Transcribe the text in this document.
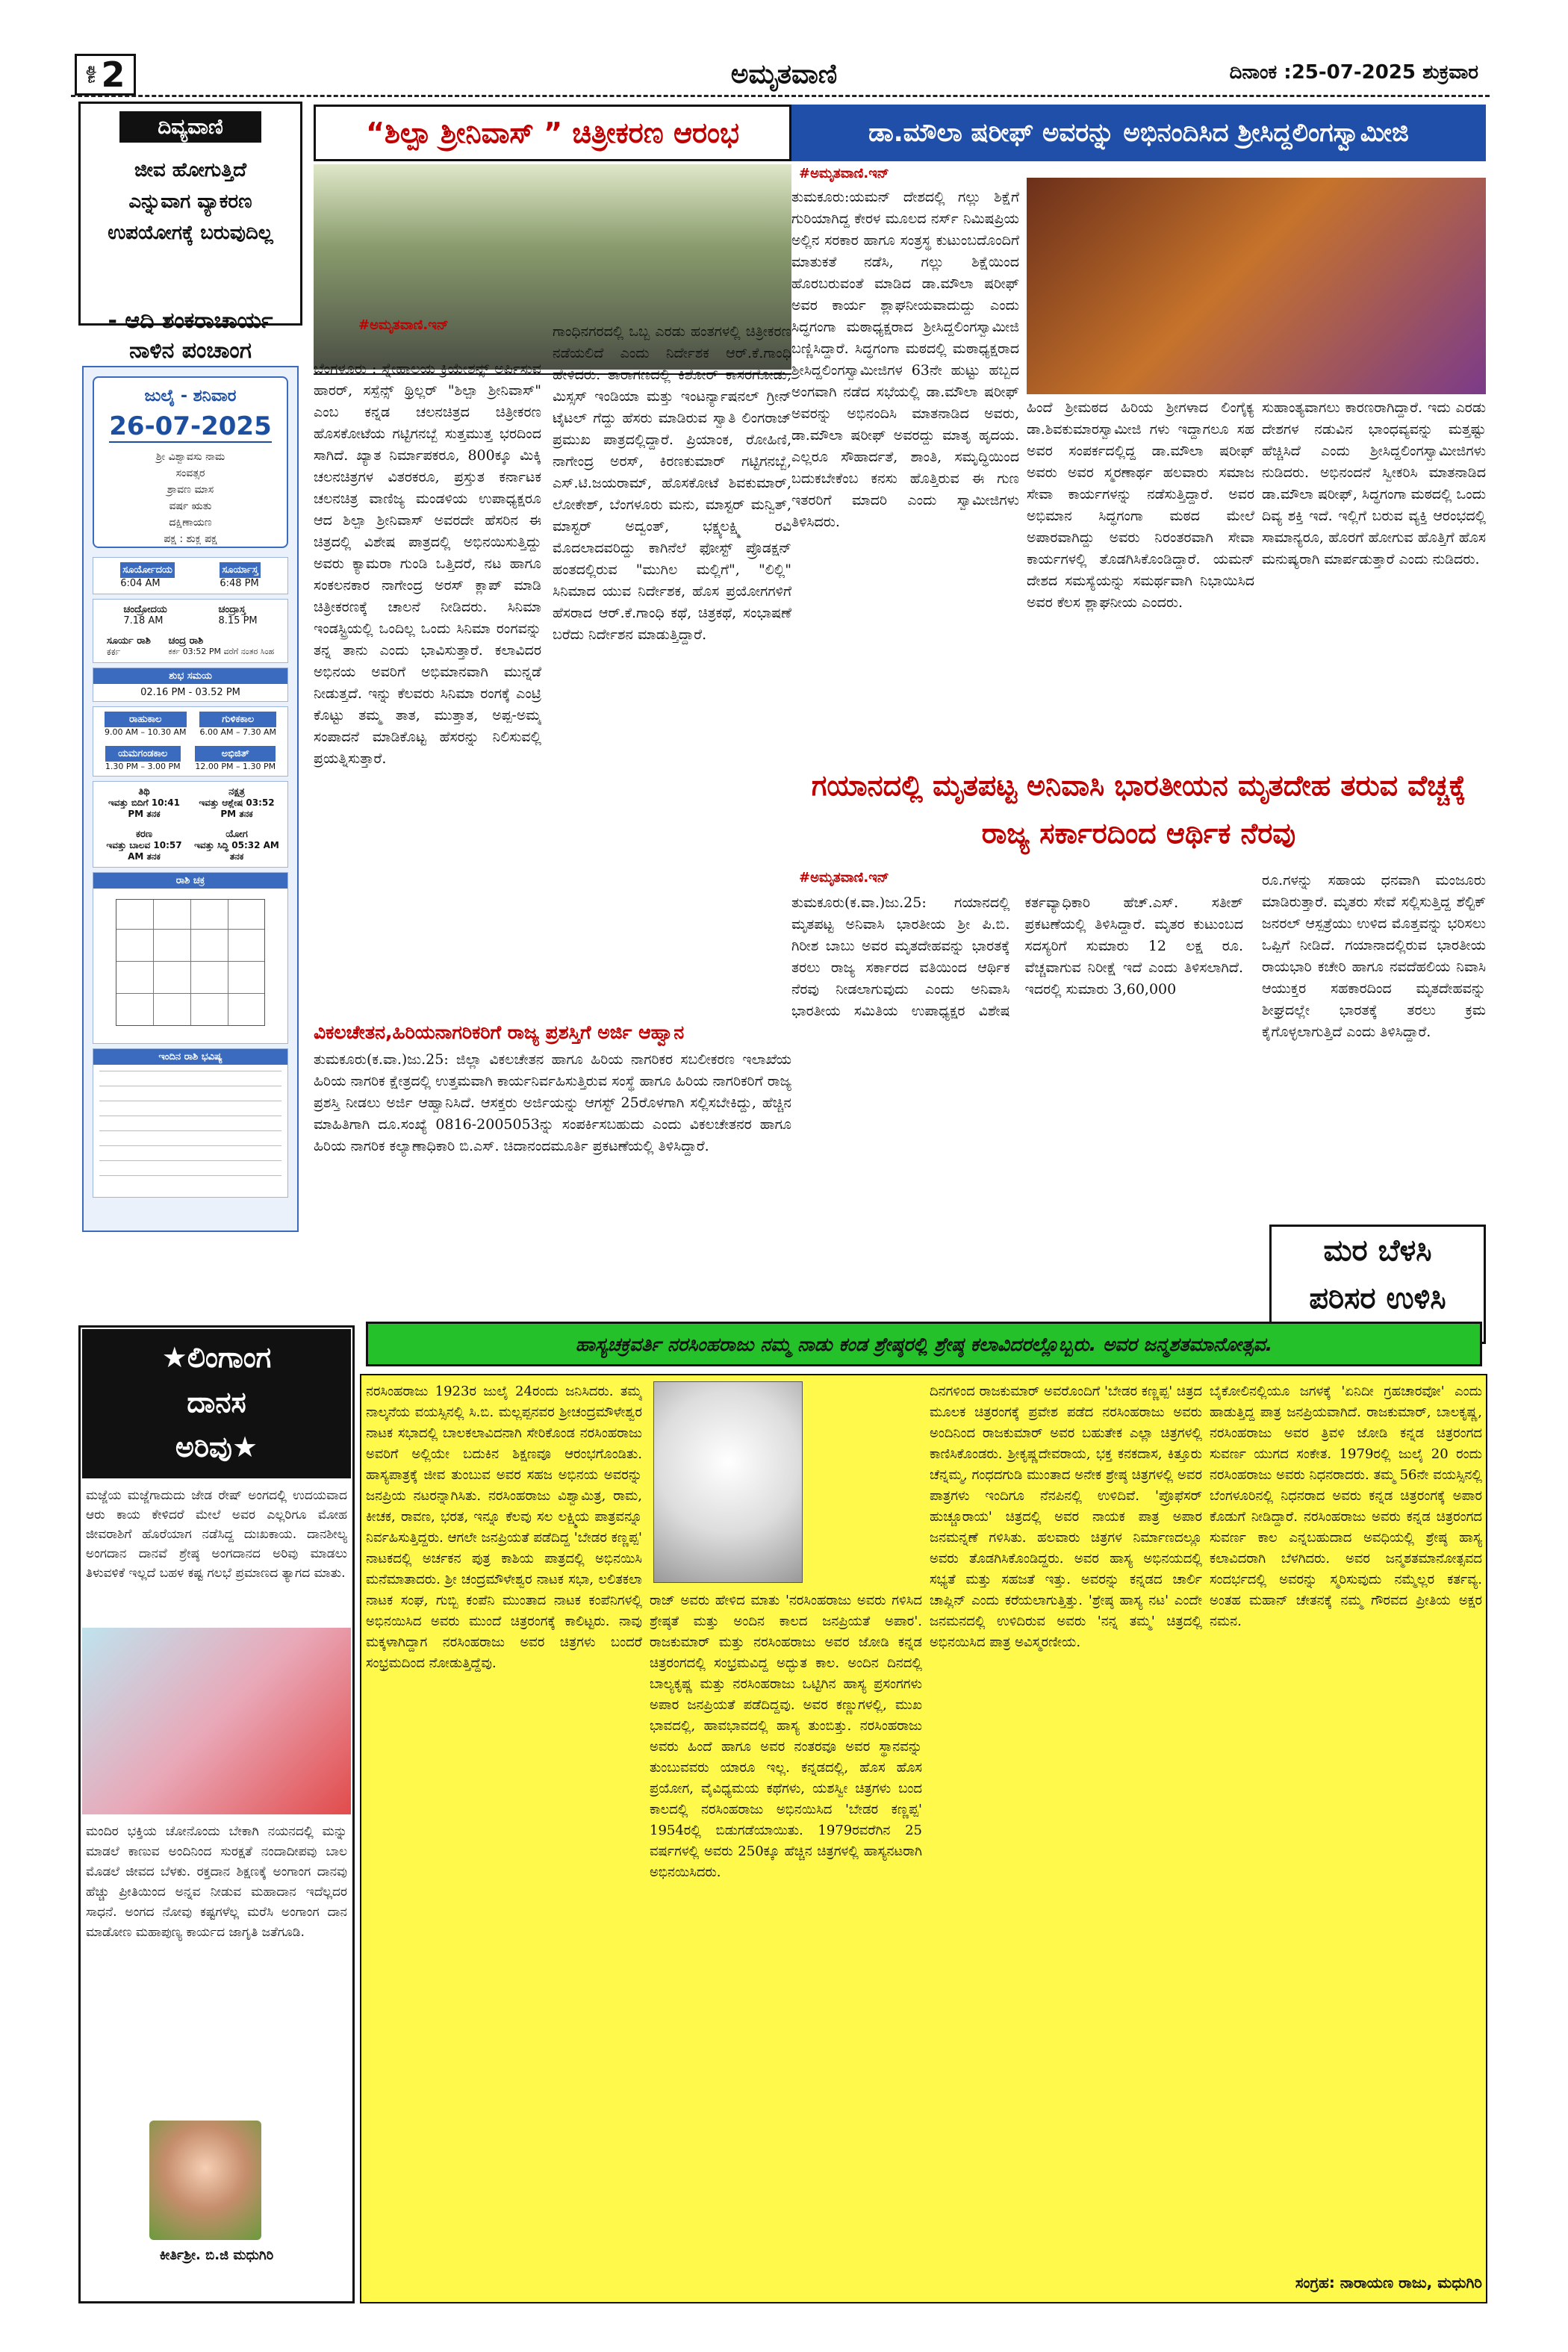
ಪುಟ 2	ಅಮೃತವಾಣಿ	ದಿನಾಂಕ :25-07-2025 ಶುಕ್ರವಾರ
ದಿವ್ಯವಾಣಿ
ಜೀವ ಹೋಗುತ್ತಿದೆ
ಎನ್ನುವಾಗ ವ್ಯಾಕರಣ
ಉಪಯೋಗಕ್ಕೆ ಬರುವುದಿಲ್ಲ
- ಆದಿ ಶಂಕರಾಚಾರ್ಯ
ನಾಳಿನ ಪಂಚಾಂಗ
ಜುಲೈ - ಶನಿವಾರ
26-07-2025
ಶ್ರೀ ವಿಶ್ವಾವಸು ನಾಮ
ಸಂವತ್ಸರ
ಶ್ರಾವಣ ಮಾಸ
ವರ್ಷ ಋತು
ದಕ್ಷಿಣಾಯಣ
ಪಕ್ಷ : ಶುಕ್ಲ ಪಕ್ಷ
ಸೂರ್ಯೋದಯ
6:04 AM
ಸೂರ್ಯಾಸ್ತ
6:48 PM
ಚಂದ್ರೋದಯ
7.18 AM
ಚಂದ್ರಾಸ್ತ
8.15 PM
ಸೂರ್ಯ ರಾಶಿ
ಕರ್ಕ
ಚಂದ್ರ ರಾಶಿ
ಕರ್ಕ 03:52 PM ವರೆಗೆ ನಂತರ ಸಿಂಹ
ಶುಭ ಸಮಯ
02.16 PM - 03.52 PM
ರಾಹುಕಾಲ
9.00 AM – 10.30 AM
ಗುಳಿಕಕಾಲ
6.00 AM – 7.30 AM
ಯಮಗಂಡಕಾಲ
1.30 PM – 3.00 PM
ಅಭಿಜಿತ್
12.00 PM – 1.30 PM
ತಿಥಿ
ಇವತ್ತು ಬಿದಿಗೆ 10:41 PM ತನಕ
ನಕ್ಷತ್ರ
ಇವತ್ತು ಆಶ್ಲೇಷ 03:52 PM ತನಕ
ಕರಣ
ಇವತ್ತು ಬಾಲವ 10:57 AM ತನಕ
ಯೋಗ
ಇವತ್ತು ಸಿದ್ಧಿ 05:32 AM ತನಕ
ರಾಶಿ ಚಕ್ರ
ಇಂದಿನ ರಾಶಿ ಭವಿಷ್ಯ
“ಶಿಲ್ಪಾ ಶ್ರೀನಿವಾಸ್ ” ಚಿತ್ರೀಕರಣ ಆರಂಭ
#ಅಮೃತವಾಣಿ.ಇನ್
ಬೆಂಗಳೂರು : ಸ್ನೇಹಾಲಯ ಕ್ರಿಯೇಶನ್ಸ್ ಅರ್ಪಿಸುವ ಹಾರರ್, ಸಸ್ಪೆನ್ಸ್ ಥ್ರಿಲ್ಲರ್ "ಶಿಲ್ಪಾ ಶ್ರೀನಿವಾಸ್" ಎಂಬ ಕನ್ನಡ ಚಲನಚಿತ್ರದ ಚಿತ್ರೀಕರಣ ಹೊಸಕೋಟೆಯ ಗಟ್ಟಿಗನಬ್ಬೆ ಸುತ್ತಮುತ್ತ ಭರದಿಂದ ಸಾಗಿದೆ. ಖ್ಯಾತ ನಿರ್ಮಾಪಕರೂ, 800ಕ್ಕೂ ಮಿಕ್ಕಿ ಚಲನಚಿತ್ರಗಳ ವಿತರಕರೂ, ಪ್ರಸ್ತುತ ಕರ್ನಾಟಕ ಚಲನಚಿತ್ರ ವಾಣಿಜ್ಯ ಮಂಡಳಿಯ ಉಪಾಧ್ಯಕ್ಷರೂ ಆದ ಶಿಲ್ಪಾ ಶ್ರೀನಿವಾಸ್ ಅವರದೇ ಹೆಸರಿನ ಈ ಚಿತ್ರದಲ್ಲಿ ವಿಶೇಷ ಪಾತ್ರದಲ್ಲಿ ಅಭಿನಯಿಸುತ್ತಿದ್ದು ಅವರು ಕ್ಯಾಮರಾ ಗುಂಡಿ ಒತ್ತಿದರೆ, ನಟ ಹಾಗೂ ಸಂಕಲನಕಾರ ನಾಗೇಂದ್ರ ಅರಸ್ ಕ್ಲಾಪ್ ಮಾಡಿ ಚಿತ್ರೀಕರಣಕ್ಕೆ ಚಾಲನೆ ನೀಡಿದರು. ಸಿನಿಮಾ ಇಂಡಸ್ಟ್ರಿಯಲ್ಲಿ ಒಂದಿಲ್ಲ ಒಂದು ಸಿನಿಮಾ ರಂಗವನ್ನು ತನ್ನ ತಾನು ಎಂದು ಭಾವಿಸುತ್ತಾರೆ. ಕಲಾವಿದರ ಅಭಿನಯ ಅವರಿಗೆ ಅಭಿಮಾನವಾಗಿ ಮುನ್ನಡೆ ನೀಡುತ್ತದೆ. ಇನ್ನು ಕೆಲವರು ಸಿನಿಮಾ ರಂಗಕ್ಕೆ ಎಂಟ್ರಿ ಕೊಟ್ಟು ತಮ್ಮ ತಾತ, ಮುತ್ತಾತ, ಅಪ್ಪ-ಅಮ್ಮ ಸಂಪಾದನೆ ಮಾಡಿಕೊಟ್ಟ ಹೆಸರನ್ನು ನಿಲಿಸುವಲ್ಲಿ ಪ್ರಯತ್ನಿಸುತ್ತಾರೆ.
ಗಾಂಧಿನಗರದಲ್ಲಿ ಒಬ್ಬ ಎರಡು ಹಂತಗಳಲ್ಲಿ ಚಿತ್ರೀಕರಣ ನಡೆಯಲಿದೆ ಎಂದು ನಿರ್ದೇಶಕ ಆರ್.ಕೆ.ಗಾಂಧಿ ಹೇಳಿದರು. ತಾರಾಗಣದಲ್ಲಿ ಕಿಶೋರ್ ಕಾಸರಗೋಡು, ಮಿಸ್ಸಸ್ ಇಂಡಿಯಾ ಮತ್ತು ಇಂಟರ್ನ್ಯಾಷನಲ್ ಗ್ರೀನ್ ಟೈಟಲ್ ಗೆದ್ದು ಹೆಸರು ಮಾಡಿರುವ ಸ್ವಾತಿ ಲಿಂಗರಾಜ್ ಪ್ರಮುಖ ಪಾತ್ರದಲ್ಲಿದ್ದಾರೆ. ಪ್ರಿಯಾಂಕ, ರೋಹಿಣಿ, ನಾಗೇಂದ್ರ ಅರಸ್, ಕಿರಣಕುಮಾರ್ ಗಟ್ಟಿಗನಬ್ಬೆ, ಎಸ್.ಟಿ.ಜಯರಾಮ್, ಹೊಸಕೋಟೆ ಶಿವಕುಮಾರ್, ಲೋಕೇಶ್, ಬೆಂಗಳೂರು ಮನು, ಮಾಸ್ಟರ್ ಮನ್ವಿತ್, ಮಾಸ್ಟರ್ ಅದ್ವಂತ್, ಭಕ್ಷ್ಯಲಕ್ಷ್ಮಿ ರವಿ ಮೊದಲಾದವರಿದ್ದು ಕಾಗಿನೆಲೆ ಫೋಸ್ಟ್ ಪ್ರೊಡಕ್ಷನ್ ಹಂತದಲ್ಲಿರುವ "ಮುಗಿಲ ಮಲ್ಲಿಗೆ", "ಲಿಲ್ಲಿ" ಸಿನಿಮಾದ ಯುವ ನಿರ್ದೇಶಕ, ಹೊಸ ಪ್ರಯೋಗಗಳಿಗೆ ಹೆಸರಾದ ಆರ್.ಕೆ.ಗಾಂಧಿ ಕಥೆ, ಚಿತ್ರಕಥೆ, ಸಂಭಾಷಣೆ ಬರೆದು ನಿರ್ದೇಶನ ಮಾಡುತ್ತಿದ್ದಾರೆ.
ವಿಕಲಚೇತನ,ಹಿರಿಯನಾಗರಿಕರಿಗೆ ರಾಜ್ಯ ಪ್ರಶಸ್ತಿಗೆ ಅರ್ಜಿ ಆಹ್ವಾನ
ತುಮಕೂರು(ಕ.ವಾ.)ಜು.25: ಜಿಲ್ಲಾ ವಿಕಲಚೇತನ ಹಾಗೂ ಹಿರಿಯ ನಾಗರಿಕರ ಸಬಲೀಕರಣ ಇಲಾಖೆಯ ಹಿರಿಯ ನಾಗರಿಕ ಕ್ಷೇತ್ರದಲ್ಲಿ ಉತ್ತಮವಾಗಿ ಕಾರ್ಯನಿರ್ವಹಿಸುತ್ತಿರುವ ಸಂಸ್ಥೆ ಹಾಗೂ ಹಿರಿಯ ನಾಗರಿಕರಿಗೆ ರಾಜ್ಯ ಪ್ರಶಸ್ತಿ ನೀಡಲು ಅರ್ಜಿ ಆಹ್ವಾನಿಸಿದೆ. ಆಸಕ್ತರು ಅರ್ಜಿಯನ್ನು ಆಗಸ್ಟ್ 25ರೊಳಗಾಗಿ ಸಲ್ಲಿಸಬೇಕಿದ್ದು, ಹೆಚ್ಚಿನ ಮಾಹಿತಿಗಾಗಿ ದೂ.ಸಂಖ್ಯೆ 0816-2005053ನ್ನು ಸಂಪರ್ಕಿಸಬಹುದು ಎಂದು ವಿಕಲಚೇತನರ ಹಾಗೂ ಹಿರಿಯ ನಾಗರಿಕ ಕಲ್ಯಾಣಾಧಿಕಾರಿ ಬಿ.ಎಸ್. ಚಿದಾನಂದಮೂರ್ತಿ ಪ್ರಕಟಣೆಯಲ್ಲಿ ತಿಳಿಸಿದ್ದಾರೆ.
ಡಾ.ಮೌಲಾ ಷರೀಫ್ ಅವರನ್ನು ಅಭಿನಂದಿಸಿದ ಶ್ರೀಸಿದ್ದಲಿಂಗಸ್ವಾಮೀಜಿ
#ಅಮೃತವಾಣಿ.ಇನ್
ತುಮಕೂರು:ಯಮನ್ ದೇಶದಲ್ಲಿ ಗಲ್ಲು ಶಿಕ್ಷೆಗೆ ಗುರಿಯಾಗಿದ್ದ ಕೇರಳ ಮೂಲದ ನರ್ಸ್ ನಿಮಿಷಪ್ರಿಯ ಅಲ್ಲಿನ ಸರಕಾರ ಹಾಗೂ ಸಂತ್ರಸ್ಥ ಕುಟುಂಬದೊಂದಿಗೆ ಮಾತುಕತೆ ನಡೆಸಿ, ಗಲ್ಲು ಶಿಕ್ಷೆಯಿಂದ ಹೊರಬರುವಂತೆ ಮಾಡಿದ ಡಾ.ಮೌಲಾ ಷರೀಫ್ ಅವರ ಕಾರ್ಯ ಶ್ಲಾಘನೀಯವಾದುದ್ದು ಎಂದು ಸಿದ್ಧಗಂಗಾ ಮಠಾಧ್ಯಕ್ಷರಾದ ಶ್ರೀಸಿದ್ದಲಿಂಗಸ್ವಾಮೀಜಿ ಬಣ್ಣಿಸಿದ್ದಾರೆ. ಸಿದ್ಧಗಂಗಾ ಮಠದಲ್ಲಿ ಮಠಾಧ್ಯಕ್ಷರಾದ ಶ್ರೀಸಿದ್ದಲಿಂಗಸ್ವಾಮೀಜಿಗಳ 63ನೇ ಹುಟ್ಟು ಹಬ್ಬದ ಅಂಗವಾಗಿ ನಡೆದ ಸಭೆಯಲ್ಲಿ ಡಾ.ಮೌಲಾ ಷರೀಫ್ ಅವರನ್ನು ಅಭಿನಂದಿಸಿ ಮಾತನಾಡಿದ ಅವರು, ಡಾ.ಮೌಲಾ ಷರೀಫ್ ಅವರದ್ದು ಮಾತೃ ಹೃದಯ. ಎಲ್ಲರೂ ಸೌಹಾರ್ದತೆ, ಶಾಂತಿ, ಸಮೃದ್ಧಿಯಿಂದ ಬದುಕಬೇಕೆಂಬ ಕನಸು ಹೊತ್ತಿರುವ ಈ ಗುಣ ಇತರರಿಗೆ ಮಾದರಿ ಎಂದು ಸ್ವಾಮೀಜಿಗಳು ತಿಳಿಸಿದರು.
ಹಿಂದೆ ಶ್ರೀಮಠದ ಹಿರಿಯ ಶ್ರೀಗಳಾದ ಲಿಂಗೈಕ್ಯ ಡಾ.ಶಿವಕುಮಾರಸ್ವಾಮೀಜಿ ಗಳು ಇದ್ದಾಗಲೂ ಸಹ ಅವರ ಸಂಪರ್ಕದಲ್ಲಿದ್ದ ಡಾ.ಮೌಲಾ ಷರೀಫ್ ಅವರು ಅವರ ಸ್ಮರಣಾರ್ಥ ಹಲವಾರು ಸಮಾಜ ಸೇವಾ ಕಾರ್ಯಗಳನ್ನು ನಡೆಸುತ್ತಿದ್ದಾರೆ. ಅವರ ಅಭಿಮಾನ ಸಿದ್ಧಗಂಗಾ ಮಠದ ಮೇಲೆ ಅಪಾರವಾಗಿದ್ದು ಅವರು ನಿರಂತರವಾಗಿ ಸೇವಾ ಕಾರ್ಯಗಳಲ್ಲಿ ತೊಡಗಿಸಿಕೊಂಡಿದ್ದಾರೆ. ಯಮನ್ ದೇಶದ ಸಮಸ್ಯೆಯನ್ನು ಸಮರ್ಥವಾಗಿ ನಿಭಾಯಿಸಿದ ಅವರ ಕೆಲಸ ಶ್ಲಾಘನೀಯ ಎಂದರು.
ಸುಹಾಂತ್ಯವಾಗಲು ಕಾರಣರಾಗಿದ್ದಾರೆ. ಇದು ಎರಡು ದೇಶಗಳ ನಡುವಿನ ಭಾಂಧವ್ಯವನ್ನು ಮತ್ತಷ್ಟು ಹೆಚ್ಚಿಸಿದೆ ಎಂದು ಶ್ರೀಸಿದ್ದಲಿಂಗಸ್ವಾಮೀಜಿಗಳು ನುಡಿದರು. ಅಭಿನಂದನೆ ಸ್ವೀಕರಿಸಿ ಮಾತನಾಡಿದ ಡಾ.ಮೌಲಾ ಷರೀಫ್, ಸಿದ್ಧಗಂಗಾ ಮಠದಲ್ಲಿ ಒಂದು ದಿವ್ಯ ಶಕ್ತಿ ಇದೆ. ಇಲ್ಲಿಗೆ ಬರುವ ವ್ಯಕ್ತಿ ಆರಂಭದಲ್ಲಿ ಸಾಮಾನ್ಯರೂ, ಹೊರಗೆ ಹೋಗುವ ಹೊತ್ತಿಗೆ ಹೊಸ ಮನುಷ್ಯರಾಗಿ ಮಾರ್ಪಡುತ್ತಾರೆ ಎಂದು ನುಡಿದರು.
ಗಯಾನದಲ್ಲಿ ಮೃತಪಟ್ಟ ಅನಿವಾಸಿ ಭಾರತೀಯನ ಮೃತದೇಹ ತರುವ ವೆಚ್ಚಕ್ಕೆ ರಾಜ್ಯ ಸರ್ಕಾರದಿಂದ ಆರ್ಥಿಕ ನೆರವು
#ಅಮೃತವಾಣಿ.ಇನ್
ತುಮಕೂರು(ಕ.ವಾ.)ಜು.25: ಗಯಾನದಲ್ಲಿ ಮೃತಪಟ್ಟ ಅನಿವಾಸಿ ಭಾರತೀಯ ಶ್ರೀ ಪಿ.ಬಿ. ಗಿರೀಶ ಬಾಬು ಅವರ ಮೃತದೇಹವನ್ನು ಭಾರತಕ್ಕೆ ತರಲು ರಾಜ್ಯ ಸರ್ಕಾರದ ವತಿಯಿಂದ ಆರ್ಥಿಕ ನೆರವು ನೀಡಲಾಗುವುದು ಎಂದು ಅನಿವಾಸಿ ಭಾರತೀಯ ಸಮಿತಿಯ ಉಪಾಧ್ಯಕ್ಷರ ವಿಶೇಷ ಕರ್ತವ್ಯಾಧಿಕಾರಿ ಹೆಚ್.ಎಸ್. ಸತೀಶ್ ಪ್ರಕಟಣೆಯಲ್ಲಿ ತಿಳಿಸಿದ್ದಾರೆ. ಮೃತರ ಕುಟುಂಬದ ಸದಸ್ಯರಿಗೆ ಸುಮಾರು 12 ಲಕ್ಷ ರೂ. ವೆಚ್ಚವಾಗುವ ನಿರೀಕ್ಷೆ ಇದೆ ಎಂದು ತಿಳಿಸಲಾಗಿದೆ. ಇದರಲ್ಲಿ ಸುಮಾರು 3,60,000
ರೂ.ಗಳನ್ನು ಸಹಾಯ ಧನವಾಗಿ ಮಂಜೂರು ಮಾಡಿರುತ್ತಾರೆ. ಮೃತರು ಸೇವೆ ಸಲ್ಲಿಸುತ್ತಿದ್ದ ಶೆಲ್ಟಿಕ್ ಜನರಲ್ ಆಸ್ಪತ್ರೆಯು ಉಳಿದ ಮೊತ್ತವನ್ನು ಭರಿಸಲು ಒಪ್ಪಿಗೆ ನೀಡಿದೆ. ಗಯಾನಾದಲ್ಲಿರುವ ಭಾರತೀಯ ರಾಯಭಾರಿ ಕಚೇರಿ ಹಾಗೂ ನವದೆಹಲಿಯ ನಿವಾಸಿ ಆಯುಕ್ತರ ಸಹಕಾರದಿಂದ ಮೃತದೇಹವನ್ನು ಶೀಘ್ರದಲ್ಲೇ ಭಾರತಕ್ಕೆ ತರಲು ಕ್ರಮ ಕೈಗೊಳ್ಳಲಾಗುತ್ತಿದೆ ಎಂದು ತಿಳಿಸಿದ್ದಾರೆ.
ಮರ ಬೆಳಸಿ
ಪರಿಸರ ಉಳಿಸಿ
★ಲಿಂಗಾಂಗ
ದಾನಸ
ಅರಿವು★
ಮಜ್ಜೆಯ ಮಜ್ಜೆಗಾದುದು ಜೇಡ ರೇಷ್ ಅಂಗದಲ್ಲಿ ಉದಯವಾದ ಆರು ಕಾಯ ಕೇಳಿದರೆ ಮೇಲೆ ಅವರ ಎಲ್ಲರಿಗೂ ಮೋಹ ಜೀವರಾಶಿಗೆ ಹೊರೆಯಾಗ ನಡೆಸಿದ್ದ ದುಃಖಕಾಯ. ದಾನಶೀಲ್ಯ ಅಂಗದಾನ ದಾನವೆ ಶ್ರೇಷ್ಠ ಅಂಗದಾನದ ಅರಿವು ಮಾಡಲು ತಿಳುವಳಿಕೆ ಇಲ್ಲದೆ ಬಹಳ ಕಷ್ಟ ಗಲಭೆ ಪ್ರಮಾಣದ ತ್ಯಾಗದ ಮಾತು.
ಮಂದಿರ ಭಕ್ತಿಯ ಚೋನೊಂದು ಬೇಕಾಗಿ ನಯನದಲ್ಲಿ ಮನ್ನು ಮಾಡಲೆ ಕಾಣುವ ಅಂದಿನಿಂದ ಸುರಕ್ಷತೆ ನಂದಾದೀಪವು ಬಾಲ ಮೊಡಲೆ ಜೀವದ ಬೆಳಕು. ರಕ್ತದಾನ ಶಿಕ್ಷಣಕ್ಕೆ ಅಂಗಾಂಗ ದಾನವು ಹೆಚ್ಚು ಪ್ರೀತಿಯಿಂದ ಅನ್ನವ ನೀಡುವ ಮಹಾದಾನ ಇದೆಲ್ಲದರ ಸಾಧನೆ. ಅಂಗದ ನೋವು ಕಷ್ಟಗಳೆಲ್ಲ ಮರೆಸಿ ಅಂಗಾಂಗ ದಾನ ಮಾಡೋಣ ಮಹಾಪುಣ್ಯ ಕಾರ್ಯದ ಜಾಗೃತಿ ಜತೆಗೂಡಿ.
ಕೀರ್ತಿಶ್ರೀ. ಬಿ.ಜಿ ಮಧುಗಿರಿ
ಹಾಸ್ಯಚಕ್ರವರ್ತಿ ನರಸಿಂಹರಾಜು ನಮ್ಮ ನಾಡು ಕಂಡ ಶ್ರೇಷ್ಠರಲ್ಲಿ ಶ್ರೇಷ್ಠ ಕಲಾವಿದರಲ್ಲೊಬ್ಬರು. ಅವರ ಜನ್ಮಶತಮಾನೋತ್ಸವ.
ನರಸಿಂಹರಾಜು 1923ರ ಜುಲೈ 24ರಂದು ಜನಿಸಿದರು. ತಮ್ಮ ನಾಲ್ಕನೆಯ ವಯಸ್ಸಿನಲ್ಲಿ ಸಿ.ಬಿ. ಮಲ್ಲಪ್ಪನವರ ಶ್ರೀಚಂದ್ರಮೌಳೇಶ್ವರ ನಾಟಕ ಸಭಾದಲ್ಲಿ ಬಾಲಕಲಾವಿದನಾಗಿ ಸೇರಿಕೊಂಡ ನರಸಿಂಹರಾಜು ಅವರಿಗೆ ಅಲ್ಲಿಯೇ ಬದುಕಿನ ಶಿಕ್ಷಣವೂ ಆರಂಭಗೊಂಡಿತು. ಹಾಸ್ಯಪಾತ್ರಕ್ಕೆ ಜೀವ ತುಂಬುವ ಅವರ ಸಹಜ ಅಭಿನಯ ಅವರನ್ನು ಜನಪ್ರಿಯ ನಟರನ್ನಾಗಿಸಿತು. ನರಸಿಂಹರಾಜು ವಿಶ್ವಾಮಿತ್ರ, ರಾಮ, ಕೀಚಕ, ರಾವಣ, ಭರತ, ಇನ್ನೂ ಕೆಲವು ಸಲ ಲಕ್ಷ್ಮಿಯ ಪಾತ್ರವನ್ನೂ ನಿರ್ವಹಿಸುತ್ತಿದ್ದರು. ಆಗಲೇ ಜನಪ್ರಿಯತೆ ಪಡೆದಿದ್ದ 'ಬೇಡರ ಕಣ್ಣಪ್ಪ' ನಾಟಕದಲ್ಲಿ ಅರ್ಚಕನ ಪುತ್ರ ಕಾಶಿಯ ಪಾತ್ರದಲ್ಲಿ ಅಭಿನಯಿಸಿ ಮನೆಮಾತಾದರು. ಶ್ರೀ ಚಂದ್ರಮೌಳೇಶ್ವರ ನಾಟಕ ಸಭಾ, ಲಲಿತಕಲಾ ನಾಟಕ ಸಂಘ, ಗುಬ್ಬಿ ಕಂಪೆನಿ ಮುಂತಾದ ನಾಟಕ ಕಂಪೆನಿಗಳಲ್ಲಿ ಅಭಿನಯಿಸಿದ ಅವರು ಮುಂದೆ ಚಿತ್ರರಂಗಕ್ಕೆ ಕಾಲಿಟ್ಟರು. ನಾವು ಮಕ್ಕಳಾಗಿದ್ದಾಗ ನರಸಿಂಹರಾಜು ಅವರ ಚಿತ್ರಗಳು ಬಂದರೆ ಸಂಭ್ರಮದಿಂದ ನೋಡುತ್ತಿದ್ದೆವು.
ರಾಜ್ ಅವರು ಹೇಳಿದ ಮಾತು 'ನರಸಿಂಹರಾಜು ಅವರು ಗಳಿಸಿದ ಶ್ರೇಷ್ಠತೆ ಮತ್ತು ಅಂದಿನ ಕಾಲದ ಜನಪ್ರಿಯತೆ ಅಪಾರ'. ರಾಜಕುಮಾರ್ ಮತ್ತು ನರಸಿಂಹರಾಜು ಅವರ ಜೋಡಿ ಕನ್ನಡ ಚಿತ್ರರಂಗದಲ್ಲಿ ಸಂಭ್ರಮವಿದ್ದ ಅದ್ಭುತ ಕಾಲ. ಅಂದಿನ ದಿನದಲ್ಲಿ ಬಾಲ್ಯಕೃಷ್ಣ ಮತ್ತು ನರಸಿಂಹರಾಜು ಒಟ್ಟಿಗಿನ ಹಾಸ್ಯ ಪ್ರಸಂಗಗಳು ಅಪಾರ ಜನಪ್ರಿಯತೆ ಪಡೆದಿದ್ದವು. ಅವರ ಕಣ್ಣುಗಳಲ್ಲಿ, ಮುಖ ಭಾವದಲ್ಲಿ, ಹಾವಭಾವದಲ್ಲಿ ಹಾಸ್ಯ ತುಂಬಿತ್ತು. ನರಸಿಂಹರಾಜು ಅವರು ಹಿಂದೆ ಹಾಗೂ ಅವರ ನಂತರವೂ ಅವರ ಸ್ಥಾನವನ್ನು ತುಂಬುವವರು ಯಾರೂ ಇಲ್ಲ. ಕನ್ನಡದಲ್ಲಿ, ಹೊಸ ಹೊಸ ಪ್ರಯೋಗ, ವೈವಿಧ್ಯಮಯ ಕಥೆಗಳು, ಯಶಸ್ವೀ ಚಿತ್ರಗಳು ಬಂದ ಕಾಲದಲ್ಲಿ ನರಸಿಂಹರಾಜು ಅಭಿನಯಿಸಿದ 'ಬೇಡರ ಕಣ್ಣಪ್ಪ' 1954ರಲ್ಲಿ ಬಿಡುಗಡೆಯಾಯಿತು. 1979ರವರೆಗಿನ 25 ವರ್ಷಗಳಲ್ಲಿ ಅವರು 250ಕ್ಕೂ ಹೆಚ್ಚಿನ ಚಿತ್ರಗಳಲ್ಲಿ ಹಾಸ್ಯನಟರಾಗಿ ಅಭಿನಯಿಸಿದರು.
ದಿನಗಳಿಂದ ರಾಜಕುಮಾರ್ ಅವರೊಂದಿಗೆ 'ಬೇಡರ ಕಣ್ಣಪ್ಪ' ಚಿತ್ರದ ಮೂಲಕ ಚಿತ್ರರಂಗಕ್ಕೆ ಪ್ರವೇಶ ಪಡೆದ ನರಸಿಂಹರಾಜು ಅವರು ಅಂದಿನಿಂದ ರಾಜಕುಮಾರ್ ಅವರ ಬಹುತೇಕ ಎಲ್ಲಾ ಚಿತ್ರಗಳಲ್ಲಿ ಕಾಣಿಸಿಕೊಂಡರು. ಶ್ರೀಕೃಷ್ಣದೇವರಾಯ, ಭಕ್ತ ಕನಕದಾಸ, ಕಿತ್ತೂರು ಚೆನ್ನಮ್ಮ, ಗಂಧದಗುಡಿ ಮುಂತಾದ ಅನೇಕ ಶ್ರೇಷ್ಠ ಚಿತ್ರಗಳಲ್ಲಿ ಅವರ ಪಾತ್ರಗಳು ಇಂದಿಗೂ ನೆನಪಿನಲ್ಲಿ ಉಳಿದಿವೆ. 'ಪ್ರೊಫೆಸರ್ ಹುಚ್ಚೂರಾಯ' ಚಿತ್ರದಲ್ಲಿ ಅವರ ನಾಯಕ ಪಾತ್ರ ಅಪಾರ ಜನಮನ್ನಣೆ ಗಳಿಸಿತು. ಹಲವಾರು ಚಿತ್ರಗಳ ನಿರ್ಮಾಣದಲ್ಲೂ ಅವರು ತೊಡಗಿಸಿಕೊಂಡಿದ್ದರು. ಅವರ ಹಾಸ್ಯ ಅಭಿನಯದಲ್ಲಿ ಸಭ್ಯತೆ ಮತ್ತು ಸಹಜತೆ ಇತ್ತು. ಅವರನ್ನು ಕನ್ನಡದ ಚಾರ್ಲಿ ಚಾಪ್ಲಿನ್ ಎಂದು ಕರೆಯಲಾಗುತ್ತಿತ್ತು. 'ಶ್ರೇಷ್ಠ ಹಾಸ್ಯ ನಟ' ಎಂದೇ ಜನಮನದಲ್ಲಿ ಉಳಿದಿರುವ ಅವರು 'ನನ್ನ ತಮ್ಮ' ಚಿತ್ರದಲ್ಲಿ ಅಭಿನಯಿಸಿದ ಪಾತ್ರ ಅವಿಸ್ಮರಣೀಯ.
ಬೈಕೋಲಿನಲ್ಲಿಯೂ ಜಗಳಕ್ಕೆ 'ಏನಿದೀ ಗ್ರಹಚಾರವೋ' ಎಂದು ಹಾಡುತ್ತಿದ್ದ ಪಾತ್ರ ಜನಪ್ರಿಯವಾಗಿದೆ. ರಾಜಕುಮಾರ್, ಬಾಲಕೃಷ್ಣ, ನರಸಿಂಹರಾಜು ಅವರ ತ್ರಿವಳಿ ಜೋಡಿ ಕನ್ನಡ ಚಿತ್ರರಂಗದ ಸುವರ್ಣ ಯುಗದ ಸಂಕೇತ. 1979ರಲ್ಲಿ ಜುಲೈ 20 ರಂದು ನರಸಿಂಹರಾಜು ಅವರು ನಿಧನರಾದರು. ತಮ್ಮ 56ನೇ ವಯಸ್ಸಿನಲ್ಲಿ ಬೆಂಗಳೂರಿನಲ್ಲಿ ನಿಧನರಾದ ಅವರು ಕನ್ನಡ ಚಿತ್ರರಂಗಕ್ಕೆ ಅಪಾರ ಕೊಡುಗೆ ನೀಡಿದ್ದಾರೆ. ನರಸಿಂಹರಾಜು ಅವರು ಕನ್ನಡ ಚಿತ್ರರಂಗದ ಸುವರ್ಣ ಕಾಲ ಎನ್ನಬಹುದಾದ ಅವಧಿಯಲ್ಲಿ ಶ್ರೇಷ್ಠ ಹಾಸ್ಯ ಕಲಾವಿದರಾಗಿ ಬೆಳಗಿದರು. ಅವರ ಜನ್ಮಶತಮಾನೋತ್ಸವದ ಸಂದರ್ಭದಲ್ಲಿ ಅವರನ್ನು ಸ್ಮರಿಸುವುದು ನಮ್ಮೆಲ್ಲರ ಕರ್ತವ್ಯ. ಅಂತಹ ಮಹಾನ್ ಚೇತನಕ್ಕೆ ನಮ್ಮ ಗೌರವದ ಪ್ರೀತಿಯ ಅಕ್ಷರ ನಮನ.
ಸಂಗ್ರಹ: ನಾರಾಯಣ ರಾಜು, ಮಧುಗಿರಿ
